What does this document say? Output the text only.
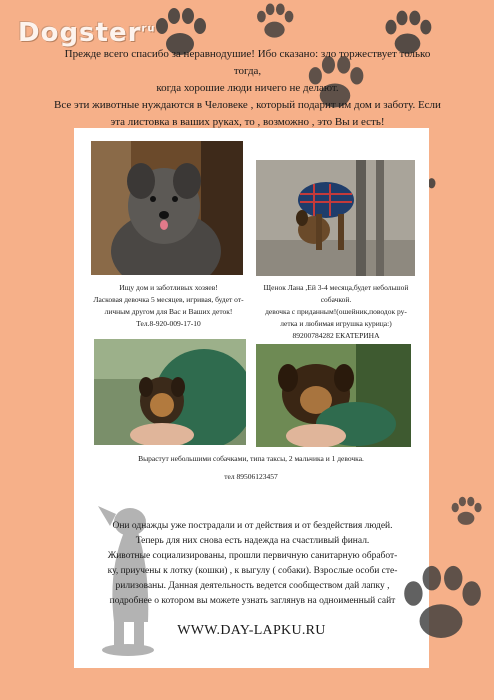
Dogster$^{ru}$

Прежде всего спасибо за неравнодушие! Ибо сказано: зло торжествует только тогда,

когда хорошие люди ничего не делают.

Все эти животные нуждаются в Человеке , который подарит им дом и заботу. Если

эта листовка в ваших руках, то , возможно , это Вы и есть!

Ищу дом и заботливых хозяев!
Ласковая девочка 5 месяцев, игривая, будет от-
личным другом для Вас и Ваших деток!
Тел.8-920-009-17-10
Щенок Лана ,Ей 3-4 месяца,будет небольшой
собачкой.
девочка с приданным!(ошейник,поводок ру-
летка и любимая игрушка курица:)
89200784282 ЕКАТЕРИНА
Вырастут небольшими собачками, типа таксы, 2 мальчика и 1 девочка.
тел 89506123457

Они однажды уже пострадали и от действия и от бездействия людей.

Теперь для них снова есть надежда на счастливый финал.

Животные социализированы, прошли первичную санитарную обработ-

ку, приучены к лотку (кошки) , к выгулу ( собаки). Взрослые особи сте-

рилизованы. Данная деятельность ведется сообществом дай лапку ,

подробнее о котором вы можете узнать заглянув на одноименный сайт

WWW.DAY-LAPKU.RU
